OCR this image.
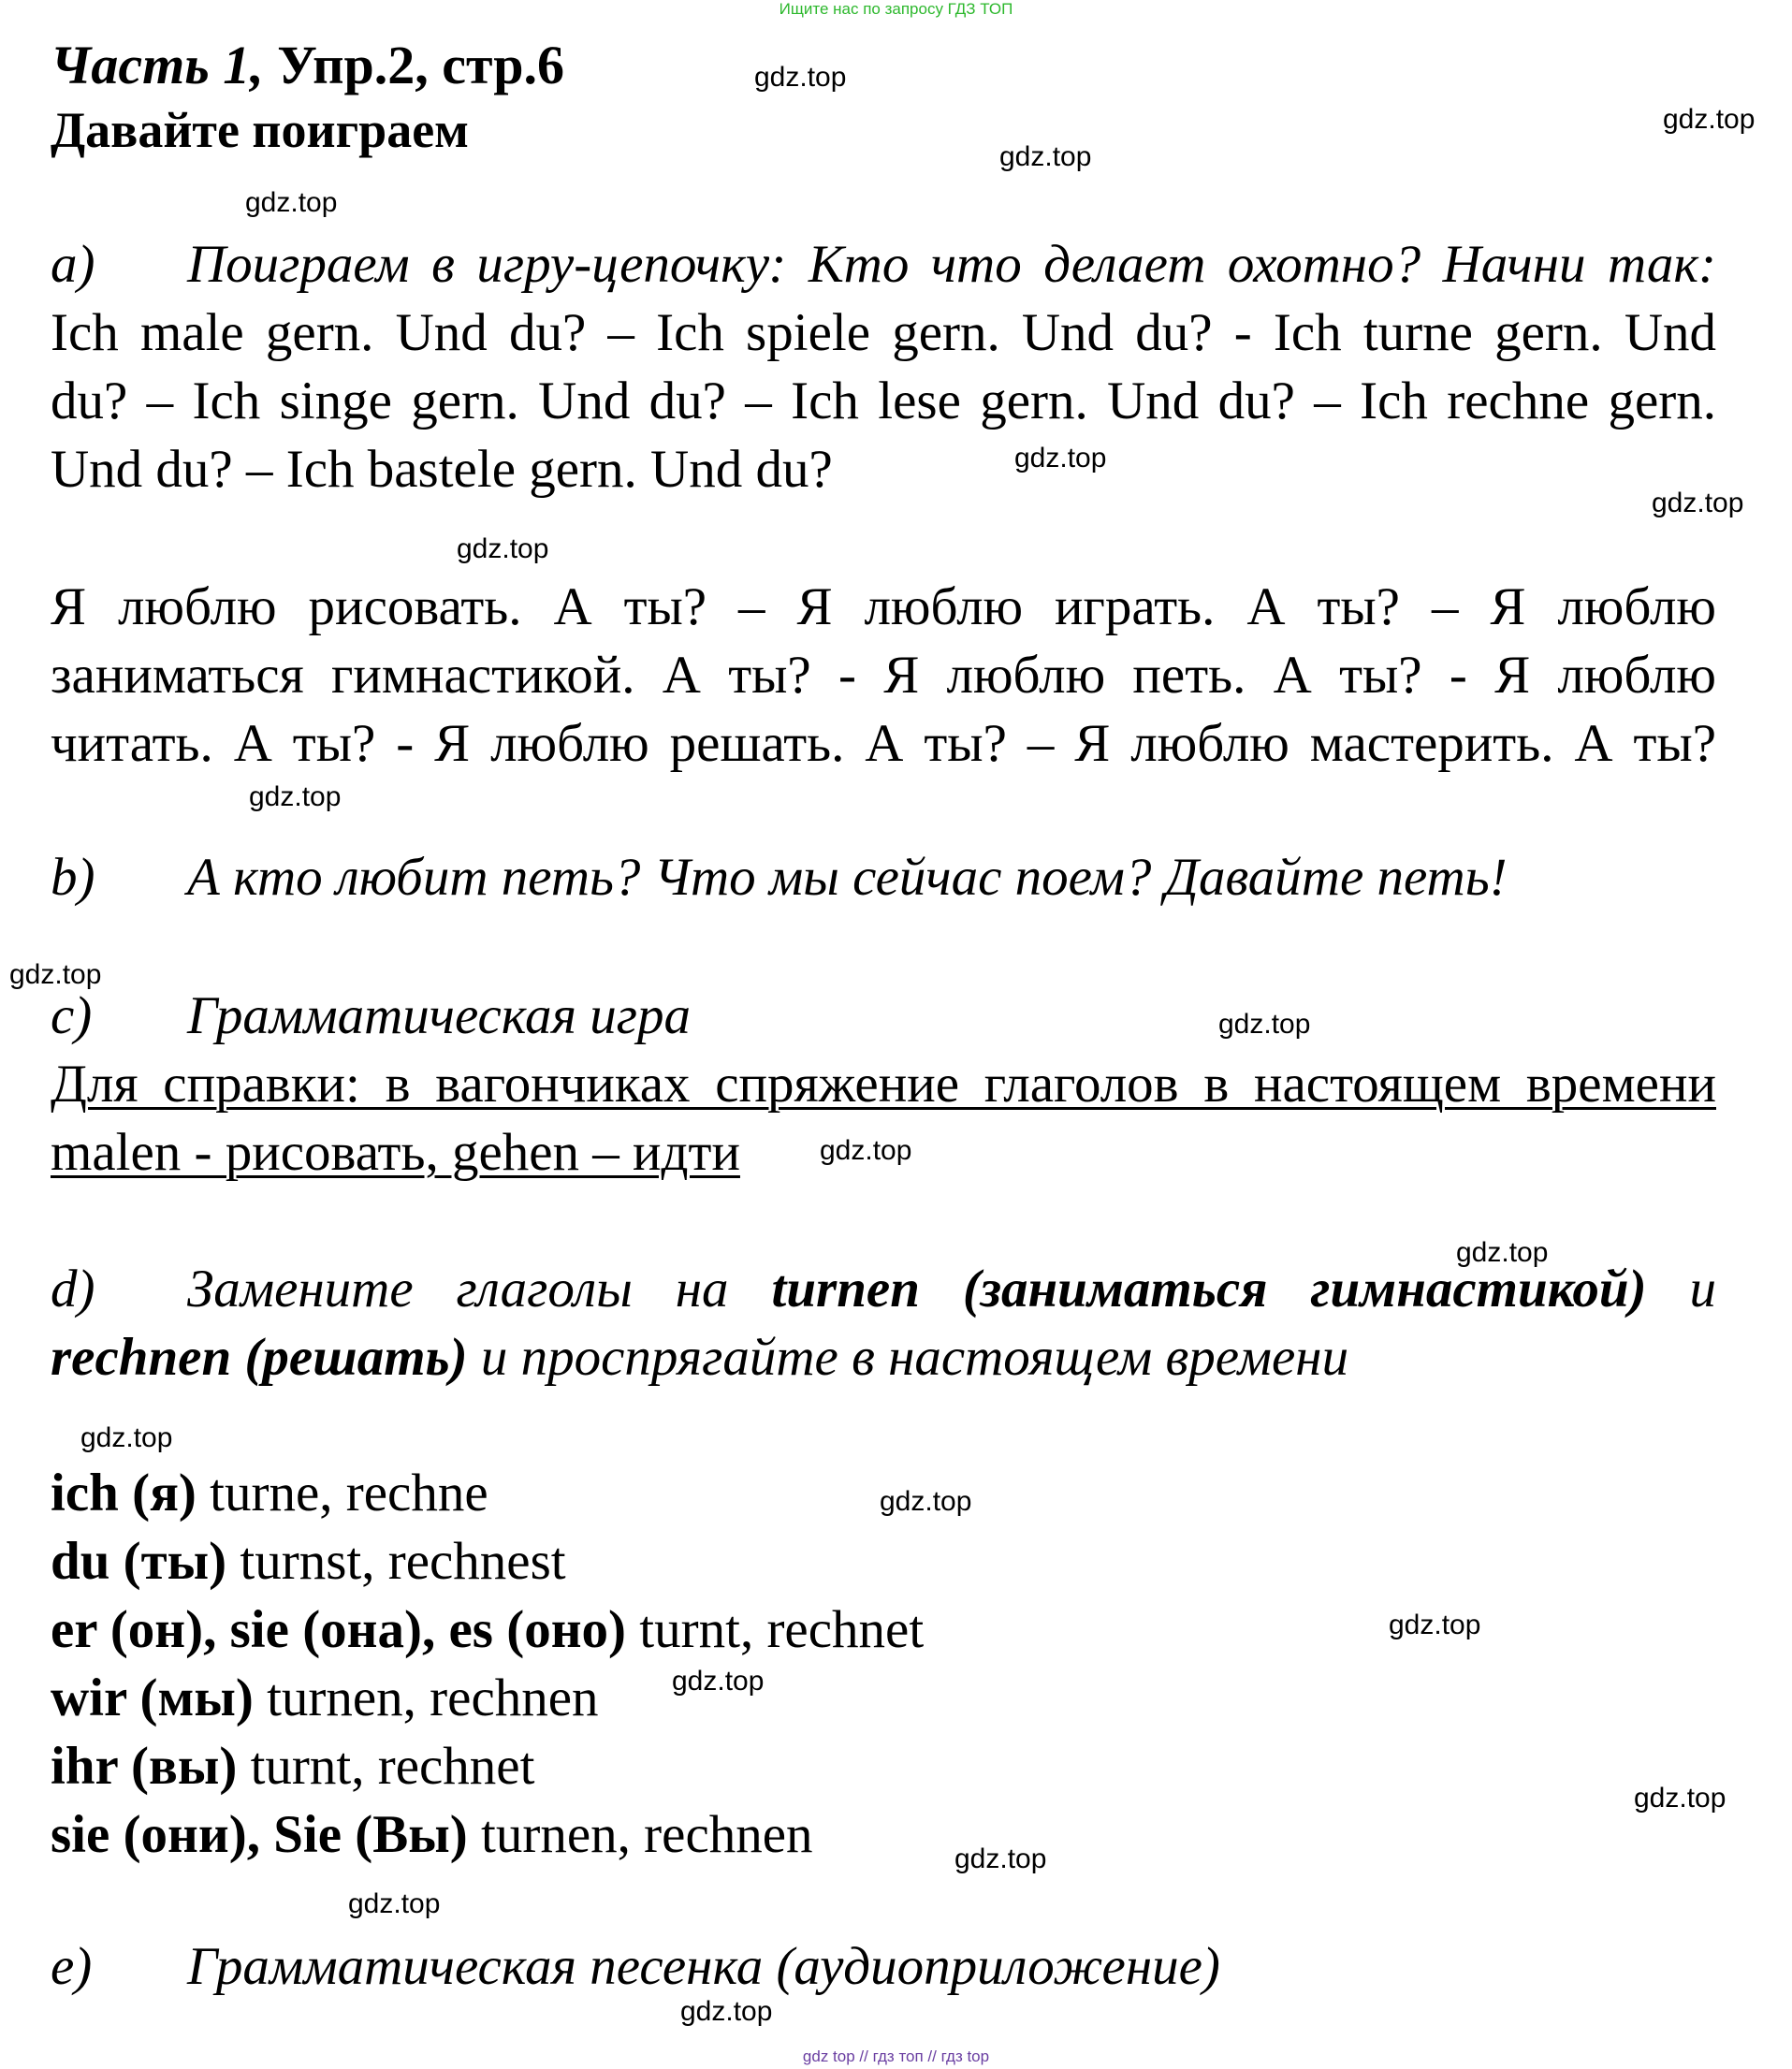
Ищите нас по запросу ГДЗ ТОП
Часть 1, Упр.2, стр.6
Давайте поиграем
a) Поиграем в игру-цепочку: Кто что делает охотно? Начни так:
Ich male gern. Und du? – Ich spiele gern. Und du? - Ich turne gern. Und
du? – Ich singe gern. Und du? – Ich lese gern. Und du? – Ich rechne gern.
Und du? – Ich bastele gern. Und du?
Я люблю рисовать. А ты? – Я люблю играть. А ты? – Я люблю
заниматься гимнастикой. А ты? - Я люблю петь. А ты? - Я люблю
читать. А ты? - Я люблю решать. А ты? – Я люблю мастерить. А ты?
b) А кто любит петь? Что мы сейчас поем? Давайте петь!
c) Грамматическая игра
Для справки: в вагончиках спряжение глаголов в настоящем времени
malen - рисовать, gehen – идти
d) Замените глаголы на turnen (заниматься гимнастикой) и
rechnen (решать) и проспрягайте в настоящем времени
ich (я) turne, rechne
du (ты) turnst, rechnest
er (он), sie (она), es (оно) turnt, rechnet
wir (мы) turnen, rechnen
ihr (вы) turnt, rechnet
sie (они), Sie (Вы) turnen, rechnen
e) Грамматическая песенка (аудиоприложение)
gdz.top
gdz.top
gdz.top
gdz.top
gdz.top
gdz.top
gdz.top
gdz.top
gdz.top
gdz.top
gdz.top
gdz.top
gdz.top
gdz.top
gdz.top
gdz.top
gdz.top
gdz.top
gdz.top
gdz.top
gdz top // гдз топ // гдз top
